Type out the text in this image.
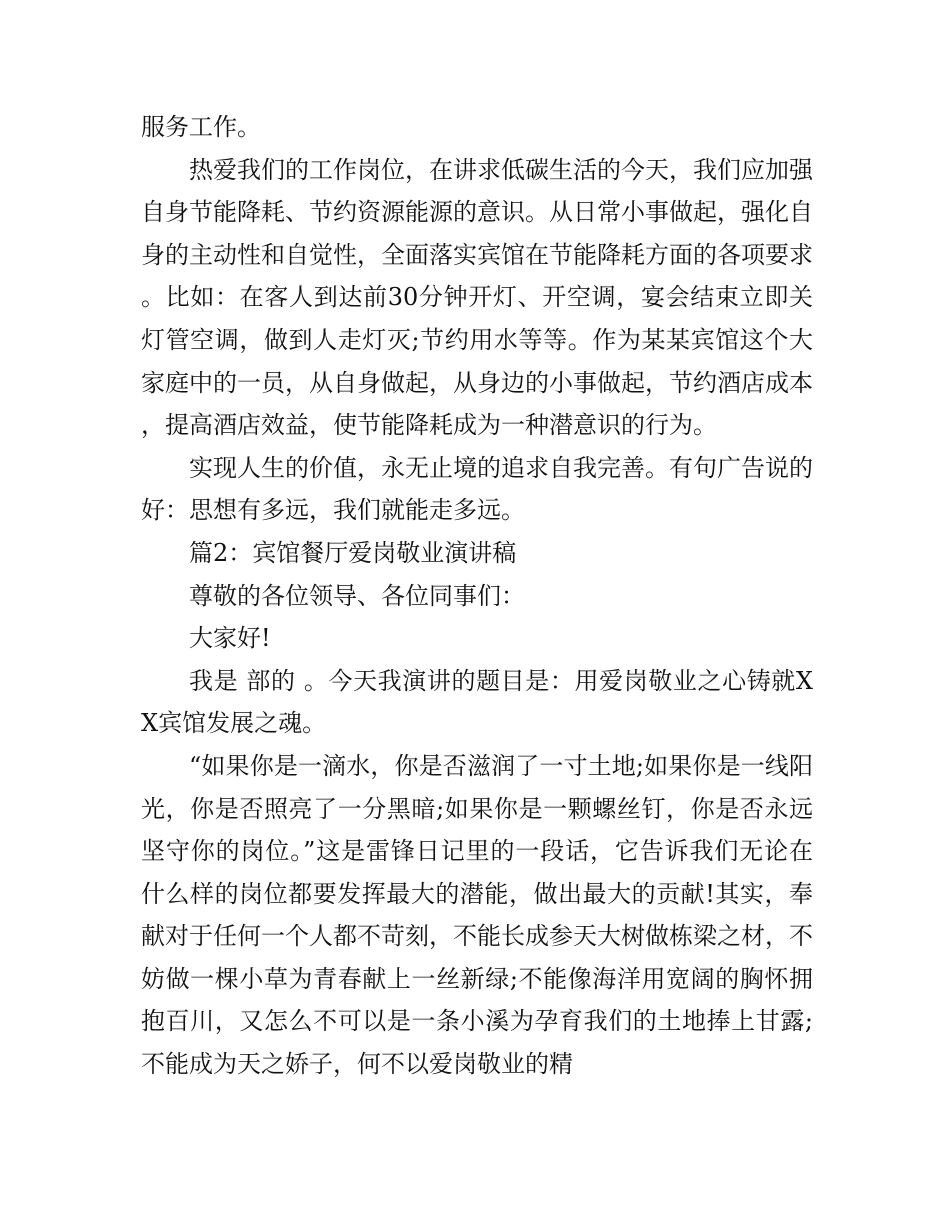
服务工作。

热爱我们的工作岗位，在讲求低碳生活的今天，我们应加强自身节能降耗、节约资源能源的意识。从日常小事做起，强化自身的主动性和自觉性，全面落实宾馆在节能降耗方面的各项要求。比如：在客人到达前30分钟开灯、开空调，宴会结束立即关灯管空调，做到人走灯灭;节约用水等等。作为某某宾馆这个大家庭中的一员，从自身做起，从身边的小事做起，节约酒店成本，提高酒店效益，使节能降耗成为一种潜意识的行为。

实现人生的价值，永无止境的追求自我完善。有句广告说的好：思想有多远，我们就能走多远。

篇2：宾馆餐厅爱岗敬业演讲稿

尊敬的各位领导、各位同事们：

大家好!

我是 部的 。今天我演讲的题目是：用爱岗敬业之心铸就XX宾馆发展之魂。

“如果你是一滴水，你是否滋润了一寸土地;如果你是一线阳光，你是否照亮了一分黑暗;如果你是一颗螺丝钉，你是否永远坚守你的岗位。”这是雷锋日记里的一段话，它告诉我们无论在什么样的岗位都要发挥最大的潜能，做出最大的贡献!其实，奉献对于任何一个人都不苛刻，不能长成参天大树做栋梁之材，不妨做一棵小草为青春献上一丝新绿;不能像海洋用宽阔的胸怀拥抱百川，又怎么不可以是一条小溪为孕育我们的土地捧上甘露;不能成为天之娇子，何不以爱岗敬业的精
